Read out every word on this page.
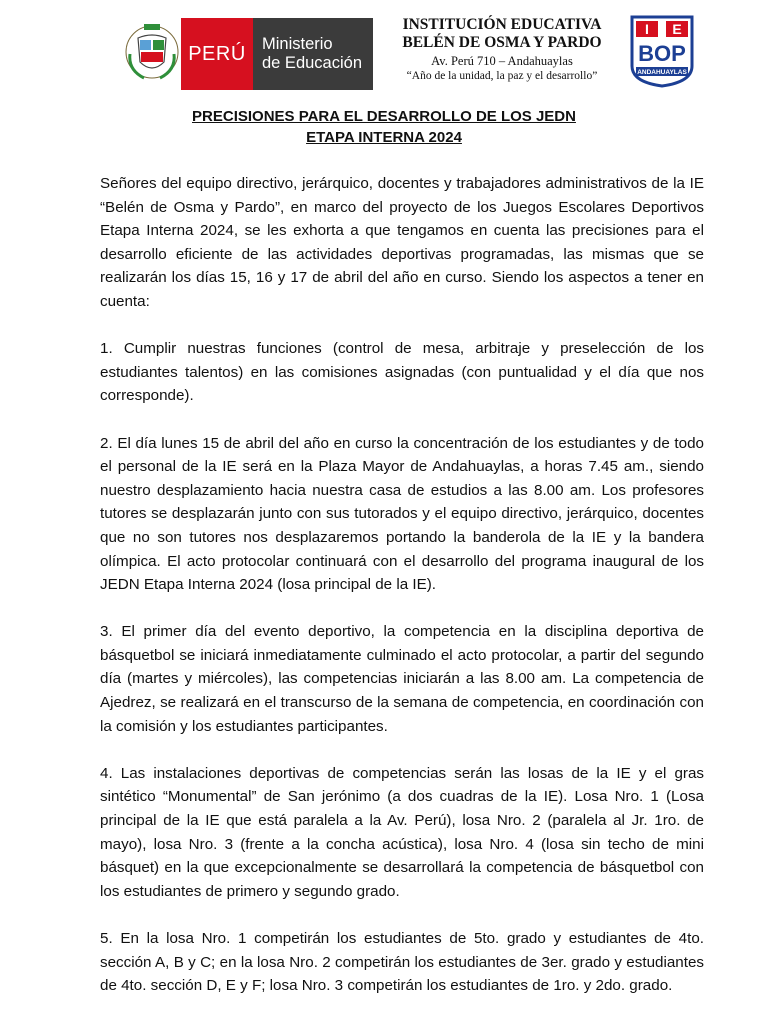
PERÚ Ministerio
de Educación
INSTITUCIÓN EDUCATIVA
BELÉN DE OSMA Y PARDO
Av. Perú 710 – Andahuaylas
“Año de la unidad, la paz y el desarrollo”
I E
BOP
ANDAHUAYLAS
PRECISIONES PARA EL DESARROLLO DE LOS JEDN
ETAPA INTERNA 2024

Señores del equipo directivo, jerárquico, docentes y trabajadores administrativos de la IE “Belén de Osma y Pardo”, en marco del proyecto de los Juegos Escolares Deportivos Etapa Interna 2024, se les exhorta a que tengamos en cuenta las precisiones para el desarrollo eficiente de las actividades deportivas programadas, las mismas que se realizarán los días 15, 16 y 17 de abril del año en curso. Siendo los aspectos a tener en cuenta:

1. Cumplir nuestras funciones (control de mesa, arbitraje y preselección de los estudiantes talentos) en las comisiones asignadas (con puntualidad y el día que nos corresponde).

2. El día lunes 15 de abril del año en curso la concentración de los estudiantes y de todo el personal de la IE será en la Plaza Mayor de Andahuaylas, a horas 7.45 am., siendo nuestro desplazamiento hacia nuestra casa de estudios a las 8.00 am. Los profesores tutores se desplazarán junto con sus tutorados y el equipo directivo, jerárquico, docentes que no son tutores nos desplazaremos portando la banderola de la IE y la bandera olímpica. El acto protocolar continuará con el desarrollo del programa inaugural de los JEDN Etapa Interna 2024 (losa principal de la IE).

3. El primer día del evento deportivo, la competencia en la disciplina deportiva de básquetbol se iniciará inmediatamente culminado el acto protocolar, a partir del segundo día (martes y miércoles), las competencias iniciarán a las 8.00 am. La competencia de Ajedrez, se realizará en el transcurso de la semana de competencia, en coordinación con la comisión y los estudiantes participantes.

4. Las instalaciones deportivas de competencias serán las losas de la IE y el gras sintético “Monumental” de San jerónimo (a dos cuadras de la IE). Losa Nro. 1 (Losa principal de la IE que está paralela a la Av. Perú), losa Nro. 2 (paralela al Jr. 1ro. de mayo), losa Nro. 3 (frente a la concha acústica), losa Nro. 4 (losa sin techo de mini básquet) en la que excepcionalmente se desarrollará la competencia de básquetbol con los estudiantes de primero y segundo grado.

5. En la losa Nro. 1 competirán los estudiantes de 5to. grado y estudiantes de 4to. sección A, B y C; en la losa Nro. 2 competirán los estudiantes de 3er. grado y estudiantes de 4to. sección D, E y F; losa Nro. 3 competirán los estudiantes de 1ro. y 2do. grado.
